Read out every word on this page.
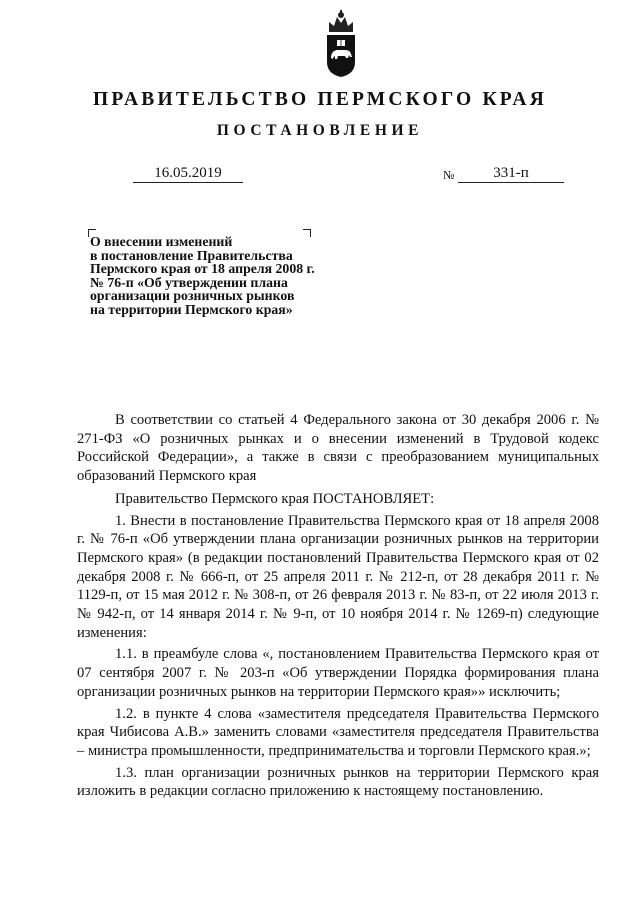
ПРАВИТЕЛЬСТВО ПЕРМСКОГО КРАЯ
ПОСТАНОВЛЕНИЕ
16.05.2019	№	331-п
О внесении изменений
в постановление Правительства
Пермского края от 18 апреля 2008 г.
№ 76-п «Об утверждении плана
организации розничных рынков
на территории Пермского края»

В соответствии со статьей 4 Федерального закона от 30 декабря 2006 г. № 271-ФЗ «О розничных рынках и о внесении изменений в Трудовой кодекс Российской Федерации», а также в связи с преобразованием муниципальных образований Пермского края

Правительство Пермского края ПОСТАНОВЛЯЕТ:

1. Внести в постановление Правительства Пермского края от 18 апреля 2008 г. № 76-п «Об утверждении плана организации розничных рынков на территории Пермского края» (в редакции постановлений Правительства Пермского края от 02 декабря 2008 г. № 666-п, от 25 апреля 2011 г. № 212-п, от 28 декабря 2011 г. № 1129-п, от 15 мая 2012 г. № 308-п, от 26 февраля 2013 г. № 83-п, от 22 июля 2013 г. № 942-п, от 14 января 2014 г. № 9-п, от 10 ноября 2014 г. № 1269-п) следующие изменения:

1.1. в преамбуле слова «, постановлением Правительства Пермского края от 07 сентября 2007 г. № 203-п «Об утверждении Порядка формирования плана организации розничных рынков на территории Пермского края»» исключить;

1.2. в пункте 4 слова «заместителя председателя Правительства Пермского края Чибисова А.В.» заменить словами «заместителя председателя Правительства – министра промышленности, предпринимательства и торговли Пермского края.»;

1.3. план организации розничных рынков на территории Пермского края изложить в редакции согласно приложению к настоящему постановлению.
